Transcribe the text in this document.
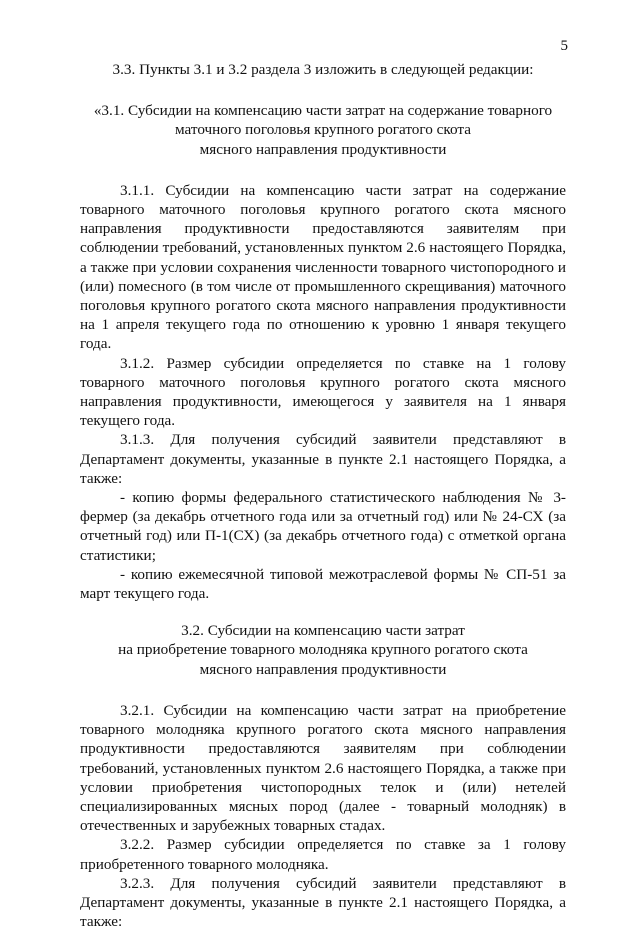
5

3.3. Пункты 3.1 и 3.2 раздела 3 изложить в следующей редакции:

«3.1. Субсидии на компенсацию части затрат на содержание товарного

маточного поголовья крупного рогатого скота

мясного направления продуктивности

3.1.1. Субсидии на компенсацию части затрат на содержание товарного маточного поголовья крупного рогатого скота мясного направления продуктивности предоставляются заявителям при соблюдении требований, установленных пунктом 2.6 настоящего Порядка, а также при условии сохранения численности товарного чистопородного и (или) помесного (в том числе от промышленного скрещивания) маточного поголовья крупного рогатого скота мясного направления продуктивности на 1 апреля текущего года по отношению к уровню 1 января текущего года.

3.1.2. Размер субсидии определяется по ставке на 1 голову товарного маточного поголовья крупного рогатого скота мясного направления продуктивности, имеющегося у заявителя на 1 января текущего года.

3.1.3. Для получения субсидий заявители представляют в Департамент документы, указанные в пункте 2.1 настоящего Порядка, а также:

- копию формы федерального статистического наблюдения № 3-фермер (за декабрь отчетного года или за отчетный год) или № 24-СХ (за отчетный год) или П-1(СХ) (за декабрь отчетного года) с отметкой органа статистики;

- копию ежемесячной типовой межотраслевой формы № СП-51 за март текущего года.

3.2. Субсидии на компенсацию части затрат

на приобретение товарного молодняка крупного рогатого скота

мясного направления продуктивности

3.2.1. Субсидии на компенсацию части затрат на приобретение товарного молодняка крупного рогатого скота мясного направления продуктивности предоставляются заявителям при соблюдении требований, установленных пунктом 2.6 настоящего Порядка, а также при условии приобретения чистопородных телок и (или) нетелей специализированных мясных пород (далее - товарный молодняк) в отечественных и зарубежных товарных стадах.

3.2.2. Размер субсидии определяется по ставке за 1 голову приобретенного товарного молодняка.

3.2.3. Для получения субсидий заявители представляют в Департамент документы, указанные в пункте 2.1 настоящего Порядка, а также:
